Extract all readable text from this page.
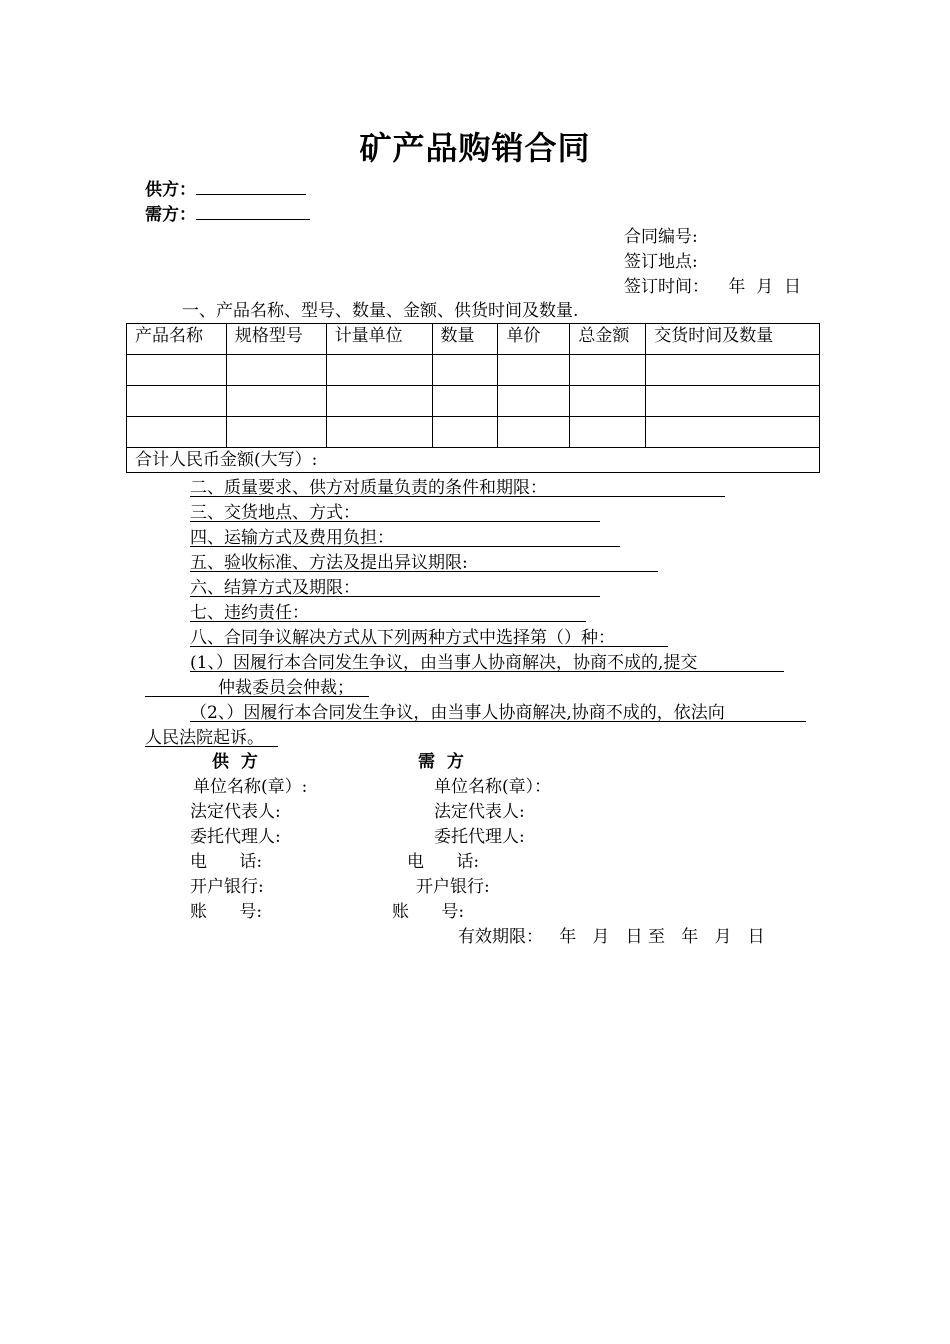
矿产品购销合同
供方：
需方：
合同编号:
签订地点:
签订时间： 年  月  日
一、产品名称、型号、数量、金额、供货时间及数量.
产品名称	规格型号	计量单位	数量	单价	总金额	交货时间及数量

合计人民币金额(大写）:						
二、质量要求、供方对质量负责的条件和期限：
三、交货地点、方式：
四、运输方式及费用负担：
五、验收标准、方法及提出异议期限:
六、结算方式及期限：
七、违约责任：
八、合同争议解决方式从下列两种方式中选择第（）种：
(1、）因履行本合同发生争议，由当事人协商解决，协商不成的,提交
仲裁委员会仲裁；
（2、）因履行本合同发生争议，由当事人协商解决,协商不成的，依法向
人民法院起诉。
供  方	需  方
单位名称(章）:	单位名称(章）：
法定代表人:	法定代表人:
委托代理人:	委托代理人:
电      话:	电      话:
开户银行:	开户银行:
账      号:	账      号:
有效期限：   年   月   日 至   年   月   日
